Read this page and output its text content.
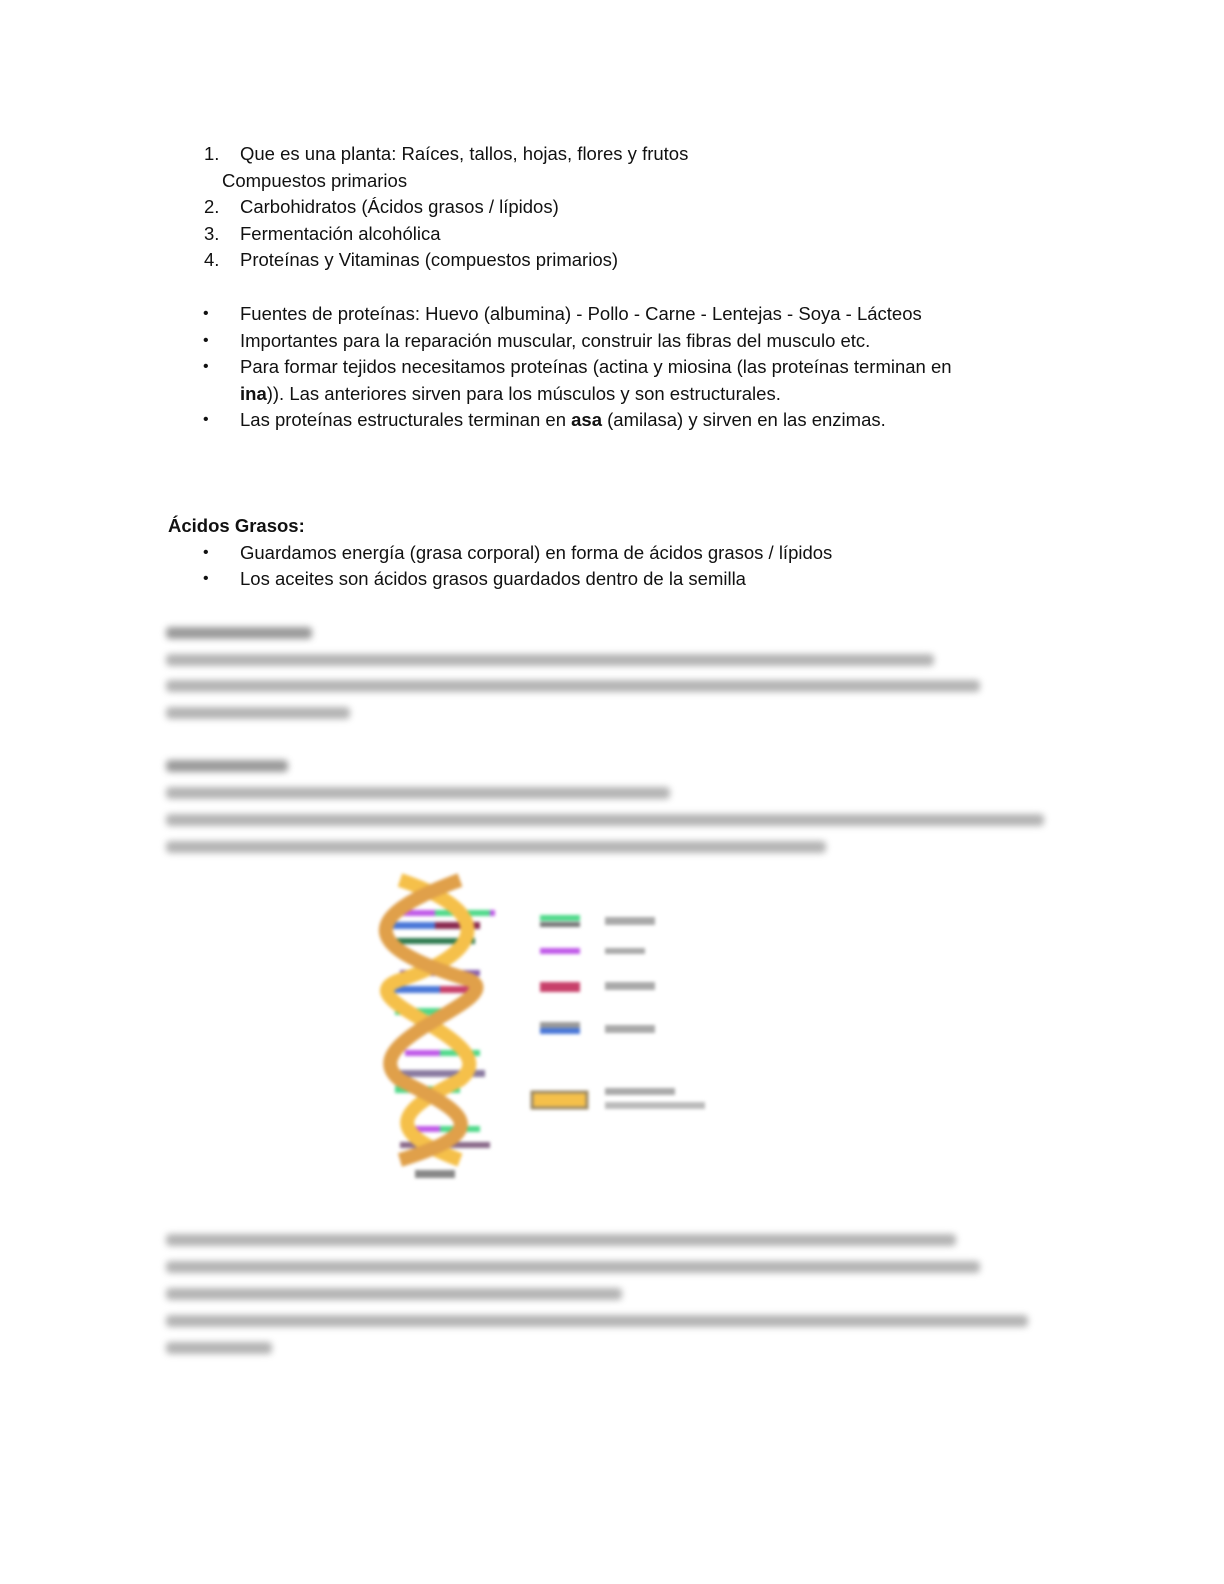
1. Que es una planta: Raíces, tallos, hojas, flores y frutos
Compuestos primarios
2. Carbohidratos (Ácidos grasos / lípidos)
3. Fermentación alcohólica
4. Proteínas y Vitaminas (compuestos primarios)
• Fuentes de proteínas: Huevo (albumina) - Pollo - Carne - Lentejas - Soya - Lácteos
• Importantes para la reparación muscular, construir las fibras del musculo etc.
• Para formar tejidos necesitamos proteínas (actina y miosina (las proteínas terminan en
ina)). Las anteriores sirven para los músculos y son estructurales.
• Las proteínas estructurales terminan en asa (amilasa) y sirven en las enzimas.
Ácidos Grasos:
• Guardamos energía (grasa corporal) en forma de ácidos grasos / lípidos
• Los aceites son ácidos grasos guardados dentro de la semilla
